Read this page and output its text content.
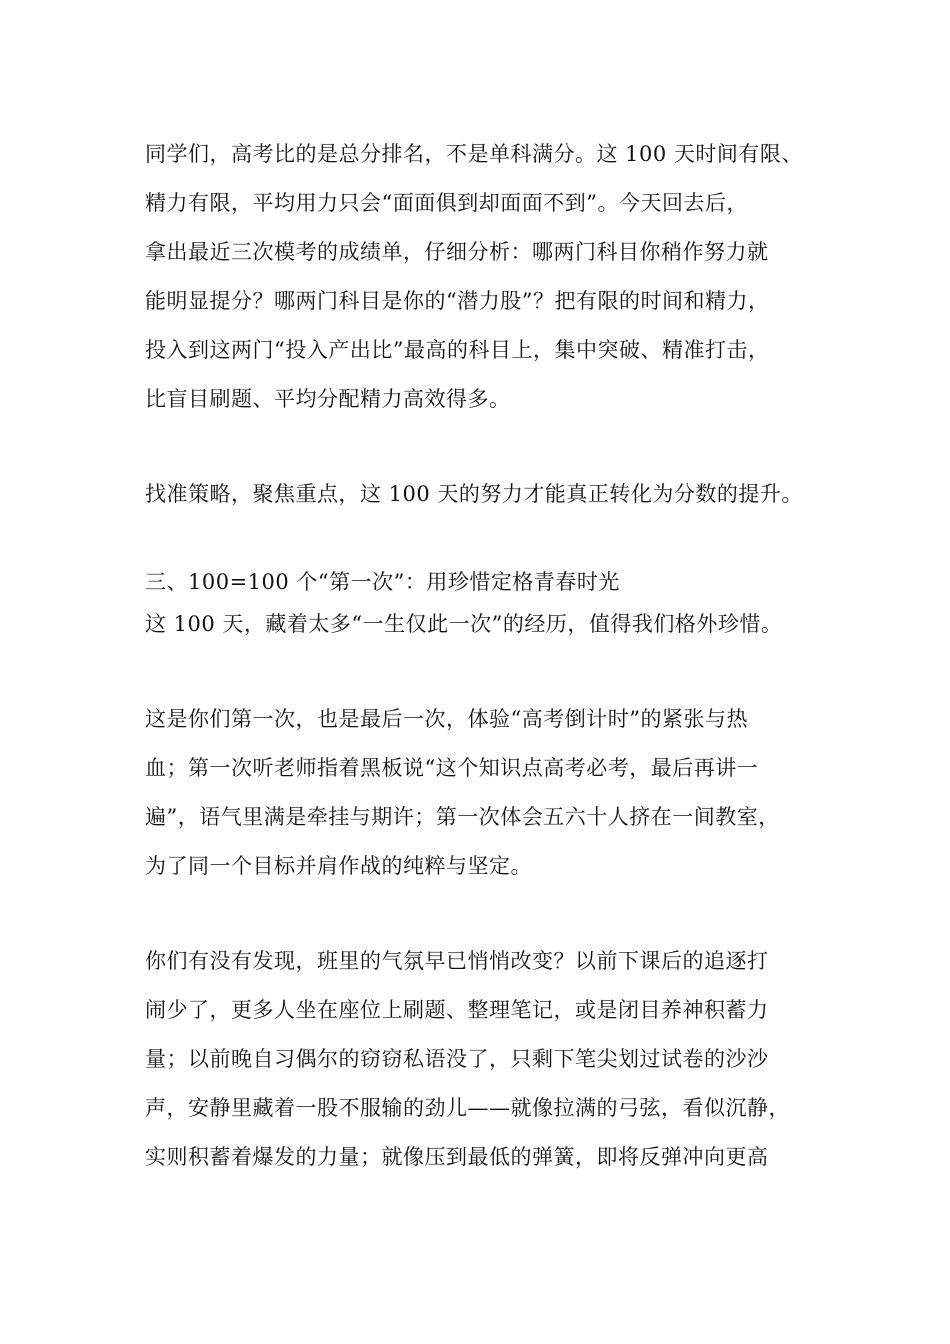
同学们，高考比的是总分排名，不是单科满分。这 100 天时间有限、
精力有限，平均用力只会“面面俱到却面面不到”。今天回去后，
拿出最近三次模考的成绩单，仔细分析：哪两门科目你稍作努力就
能明显提分？哪两门科目是你的“潜力股”？把有限的时间和精力，
投入到这两门“投入产出比”最高的科目上，集中突破、精准打击，
比盲目刷题、平均分配精力高效得多。
找准策略，聚焦重点，这 100 天的努力才能真正转化为分数的提升。
三、100=100 个“第一次”：用珍惜定格青春时光
这 100 天，藏着太多“一生仅此一次”的经历，值得我们格外珍惜。
这是你们第一次，也是最后一次，体验“高考倒计时”的紧张与热
血；第一次听老师指着黑板说“这个知识点高考必考，最后再讲一
遍”，语气里满是牵挂与期许；第一次体会五六十人挤在一间教室，
为了同一个目标并肩作战的纯粹与坚定。
你们有没有发现，班里的气氛早已悄悄改变？以前下课后的追逐打
闹少了，更多人坐在座位上刷题、整理笔记，或是闭目养神积蓄力
量；以前晚自习偶尔的窃窃私语没了，只剩下笔尖划过试卷的沙沙
声，安静里藏着一股不服输的劲儿——就像拉满的弓弦，看似沉静，
实则积蓄着爆发的力量；就像压到最低的弹簧，即将反弹冲向更高
